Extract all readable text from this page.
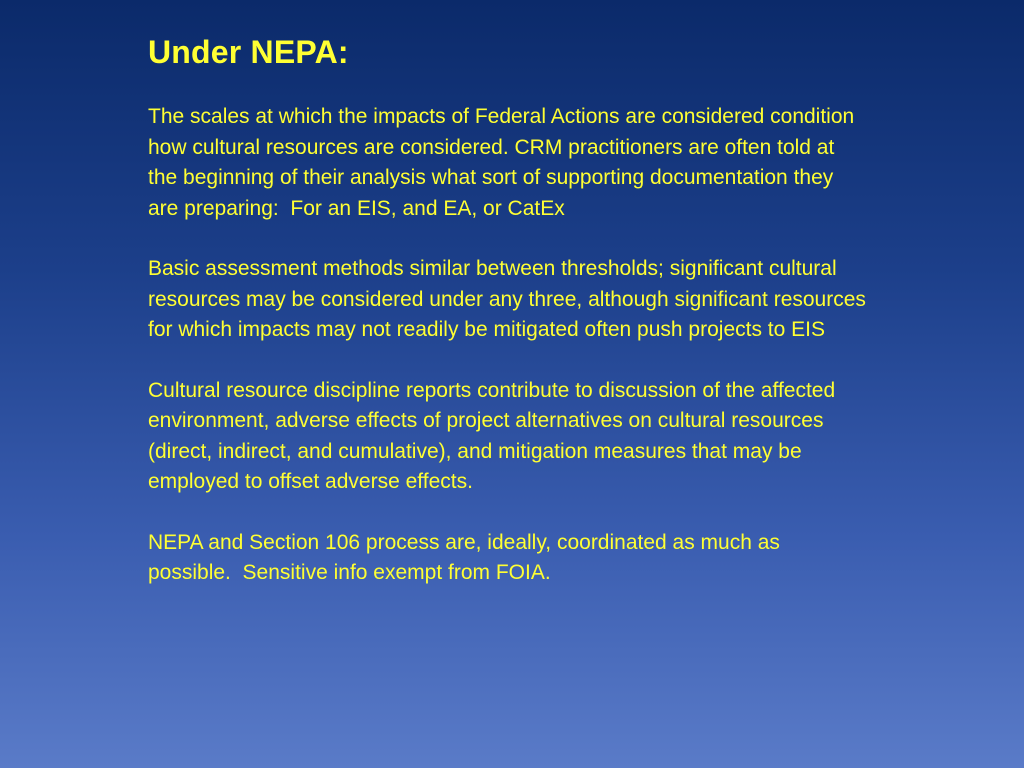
Under NEPA:

The scales at which the impacts of Federal Actions are considered condition how cultural resources are considered. CRM practitioners are often told at the beginning of their analysis what sort of supporting documentation they are preparing:  For an EIS, and EA, or CatEx

Basic assessment methods similar between thresholds; significant cultural resources may be considered under any three, although significant resources for which impacts may not readily be mitigated often push projects to EIS

Cultural resource discipline reports contribute to discussion of the affected environment, adverse effects of project alternatives on cultural resources (direct, indirect, and cumulative), and mitigation measures that may be employed to offset adverse effects.

NEPA and Section 106 process are, ideally, coordinated as much as possible.  Sensitive info exempt from FOIA.
